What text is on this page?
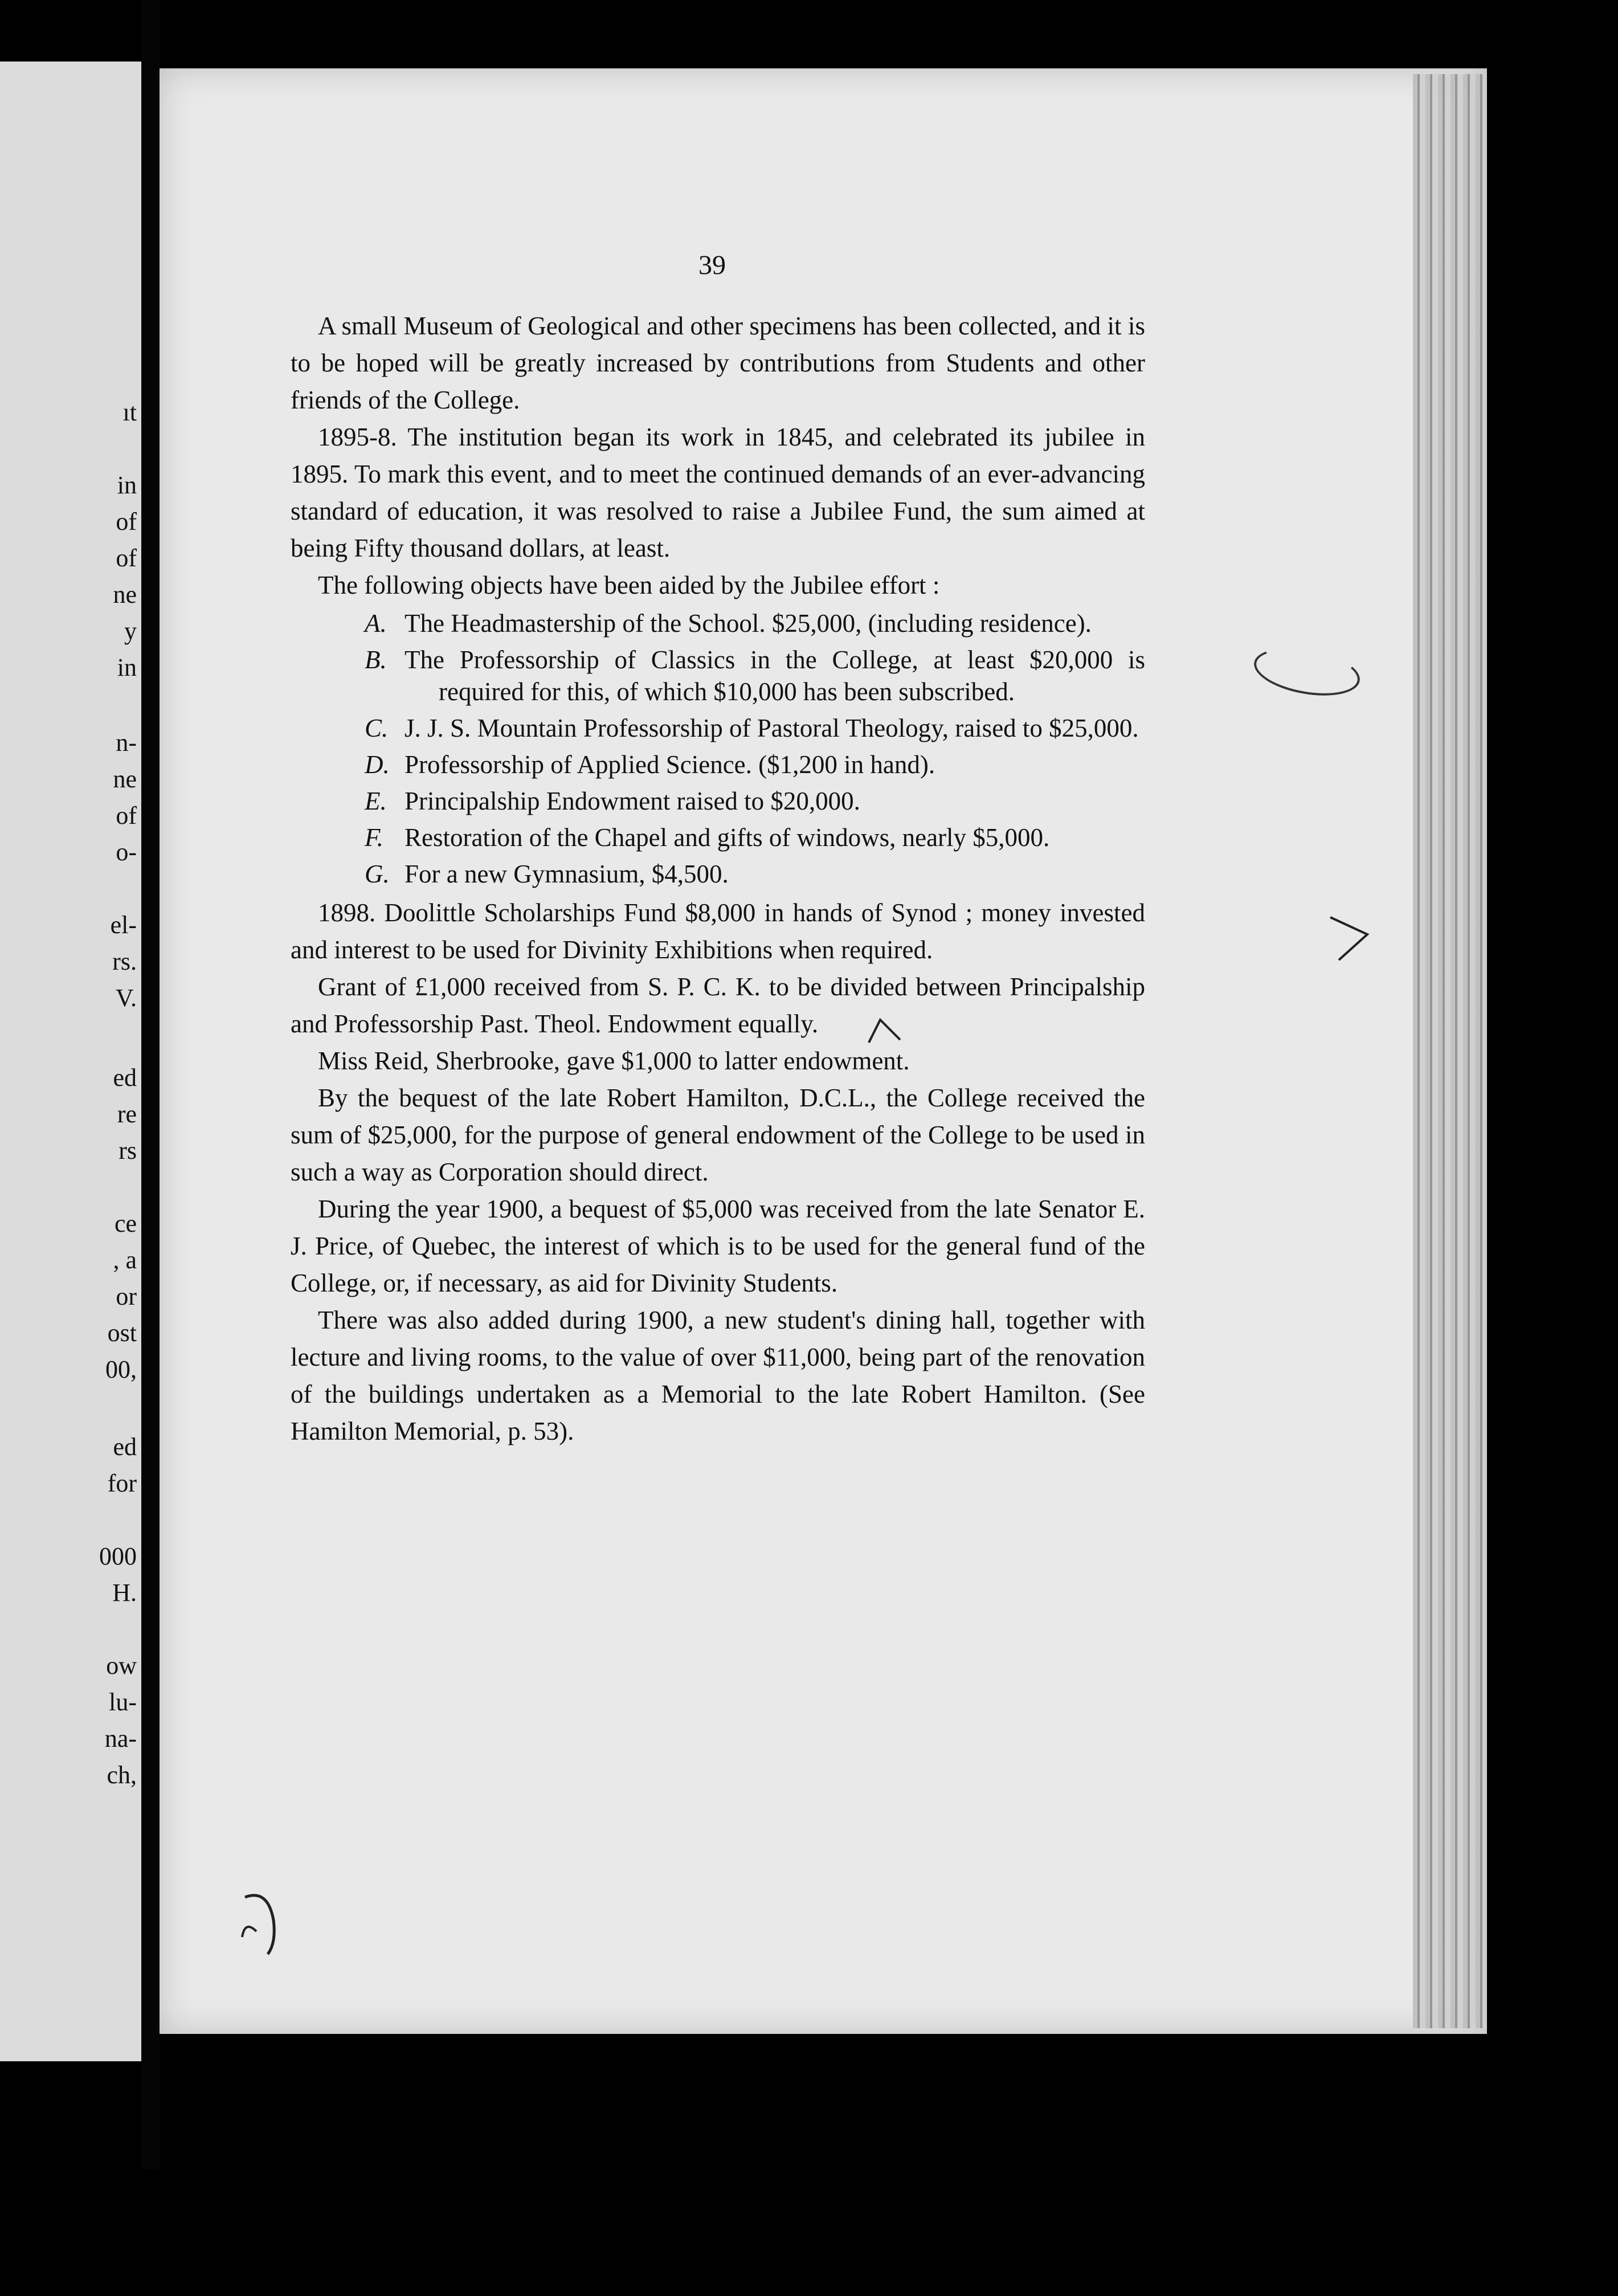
ıt
in
of
of
ne
y
in
n-
ne
of
o-
el-
rs.
V.
ed
re
rs
ce
, a
or
ost
00,
ed
for
000
H.
ow
lu-
na-
ch,
39

A small Museum of Geological and other specimens has been collected, and it is to be hoped will be greatly increased by contributions from Students and other friends of the College.

1895-8. The institution began its work in 1845, and celebrated its jubilee in 1895. To mark this event, and to meet the continued demands of an ever-advancing standard of education, it was resolved to raise a Jubilee Fund, the sum aimed at being Fifty thousand dollars, at least.

The following objects have been aided by the Jubilee effort :

A. The Headmastership of the School. $25,000, (including residence).
B. The Professorship of Classics in the College, at least $20,000 is required for this, of which $10,000 has been subscribed.
C. J. J. S. Mountain Professorship of Pastoral Theology, raised to $25,000.
D. Professorship of Applied Science. ($1,200 in hand).
E. Principalship Endowment raised to $20,000.
F. Restoration of the Chapel and gifts of windows, nearly $5,000.
G. For a new Gymnasium, $4,500.

1898. Doolittle Scholarships Fund $8,000 in hands of Synod ; money invested and interest to be used for Divinity Exhibitions when required.

Grant of £1,000 received from S. P. C. K. to be divided between Principalship and Professorship Past. Theol. Endowment equally.

Miss Reid, Sherbrooke, gave $1,000 to latter endowment.

By the bequest of the late Robert Hamilton, D.C.L., the College received the sum of $25,000, for the purpose of general endowment of the College to be used in such a way as Corporation should direct.

During the year 1900, a bequest of $5,000 was received from the late Senator E. J. Price, of Quebec, the interest of which is to be used for the general fund of the College, or, if necessary, as aid for Divinity Students.

There was also added during 1900, a new student's dining hall, together with lecture and living rooms, to the value of over $11,000, being part of the renovation of the buildings undertaken as a Memorial to the late Robert Hamilton. (See Hamilton Memorial, p. 53).
